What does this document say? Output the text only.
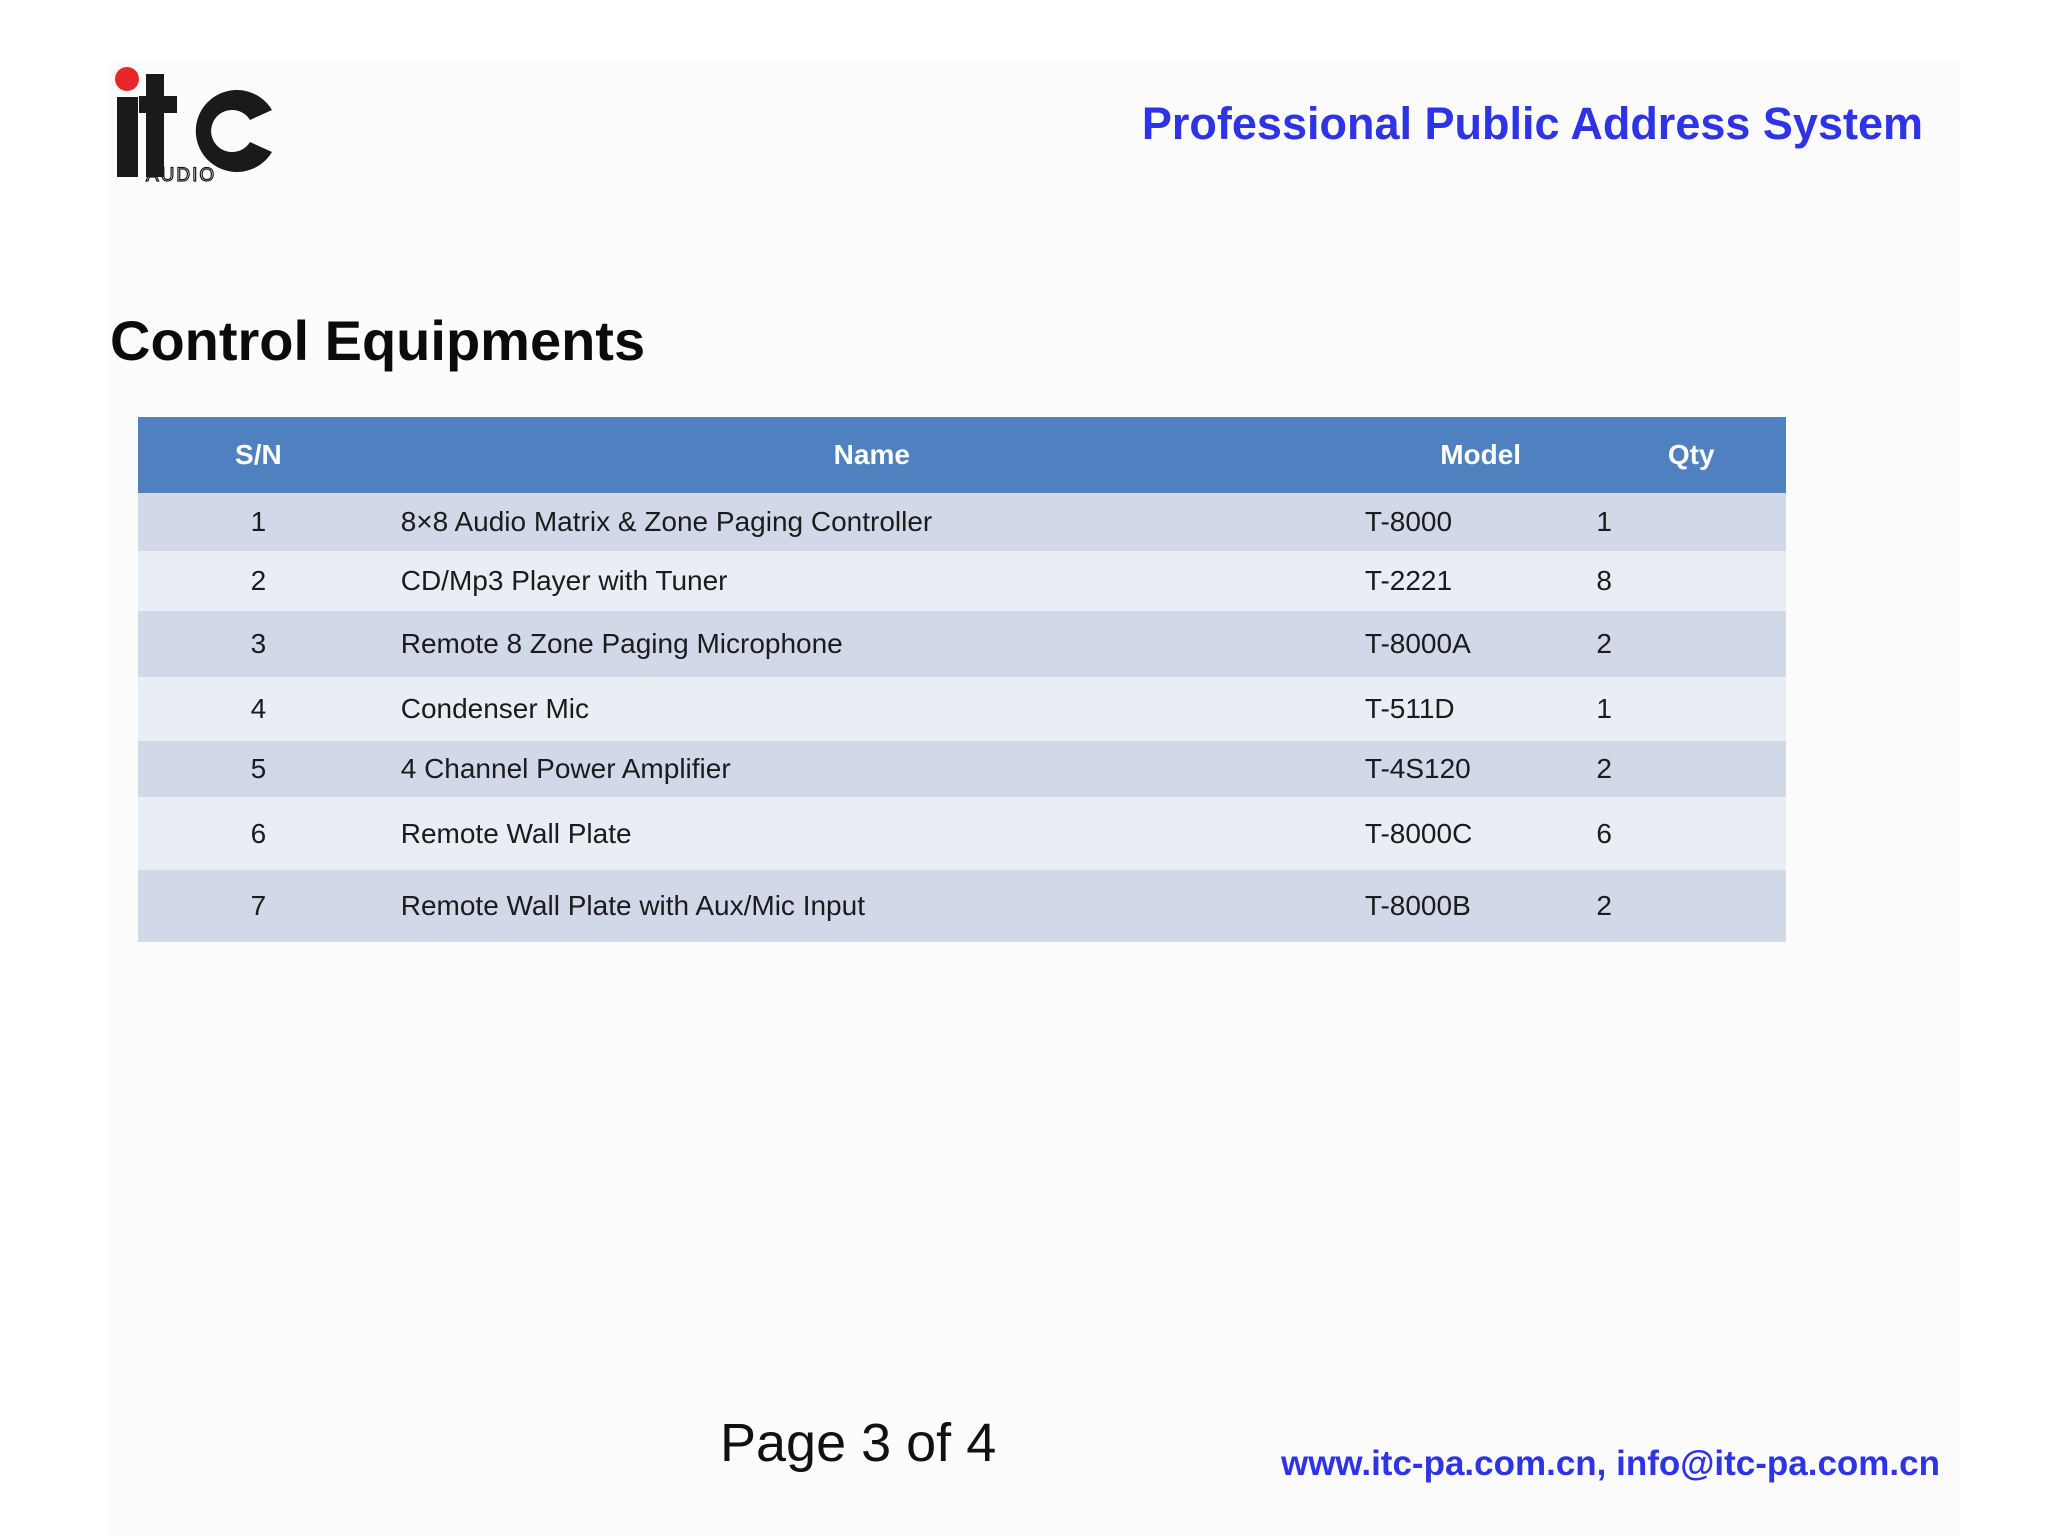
AUDIO
Professional Public Address System
Control Equipments
S/N	Name	Model	Qty
1	8×8 Audio Matrix & Zone Paging Controller	T-8000	1
2	CD/Mp3 Player with Tuner	T-2221	8
3	Remote 8 Zone Paging Microphone	T-8000A	2
4	Condenser Mic	T-511D	1
5	4 Channel Power Amplifier	T-4S120	2
6	Remote Wall Plate	T-8000C	6
7	Remote Wall Plate with Aux/Mic Input	T-8000B	2
Page 3 of 4	www.itc-pa.com.cn, info@itc-pa.com.cn
